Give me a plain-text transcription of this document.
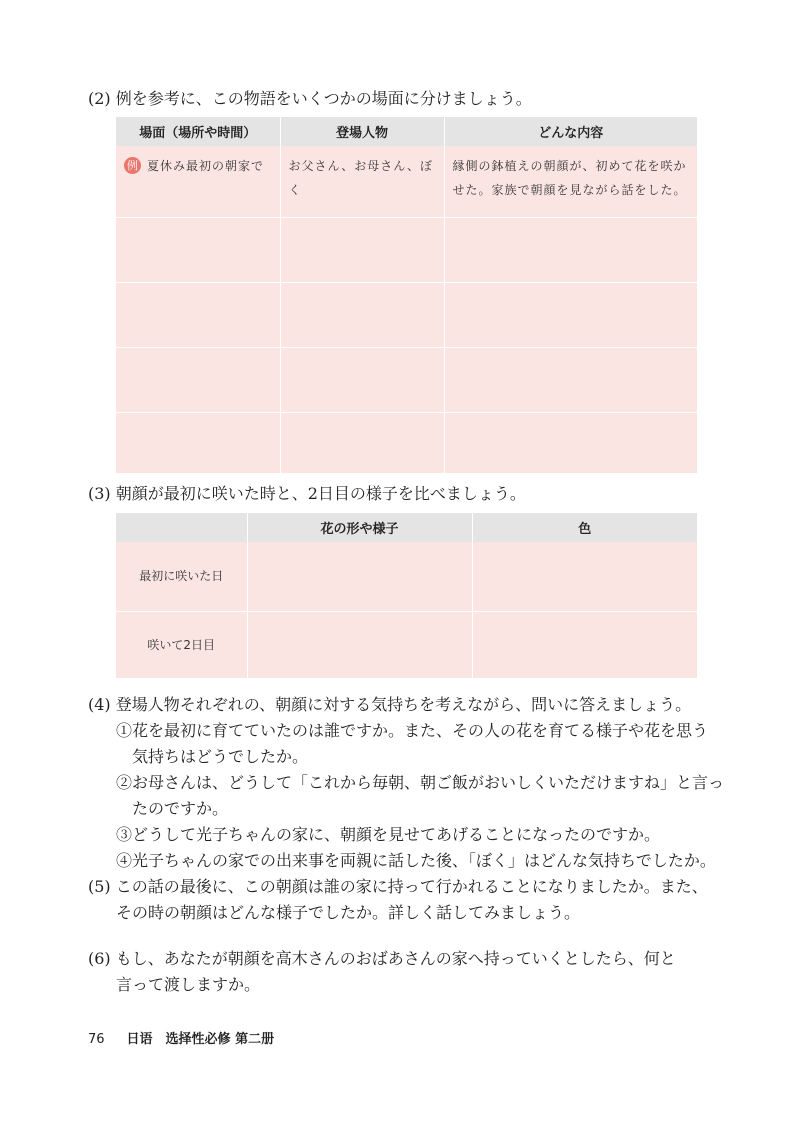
(2) 例を参考に、この物語をいくつかの場面に分けましょう。
場面（場所や時間）	登場人物	どんな内容
例 夏休み最初の朝家で	お父さん、お母さん、ぼく	縁側の鉢植えの朝顔が、初めて花を咲かせた。家族で朝顔を見ながら話をした。

(3) 朝顔が最初に咲いた時と、2日目の様子を比べましょう。
	花の形や様子	色
最初に咲いた日		
咲いて2日目		
(4) 登場人物それぞれの、朝顔に対する気持ちを考えながら、問いに答えましょう。
①花を最初に育てていたのは誰ですか。また、その人の花を育てる様子や花を思う
気持ちはどうでしたか。
②お母さんは、どうして「これから毎朝、朝ご飯がおいしくいただけますね」と言っ
たのですか。
③どうして光子ちゃんの家に、朝顔を見せてあげることになったのですか。
④光子ちゃんの家での出来事を両親に話した後、「ぼく」はどんな気持ちでしたか。
(5) この話の最後に、この朝顔は誰の家に持って行かれることになりましたか。また、
その時の朝顔はどんな様子でしたか。詳しく話してみましょう。
(6) もし、あなたが朝顔を高木さんのおばあさんの家へ持っていくとしたら、何と
言って渡しますか。
76 日语　选择性必修 第二册
